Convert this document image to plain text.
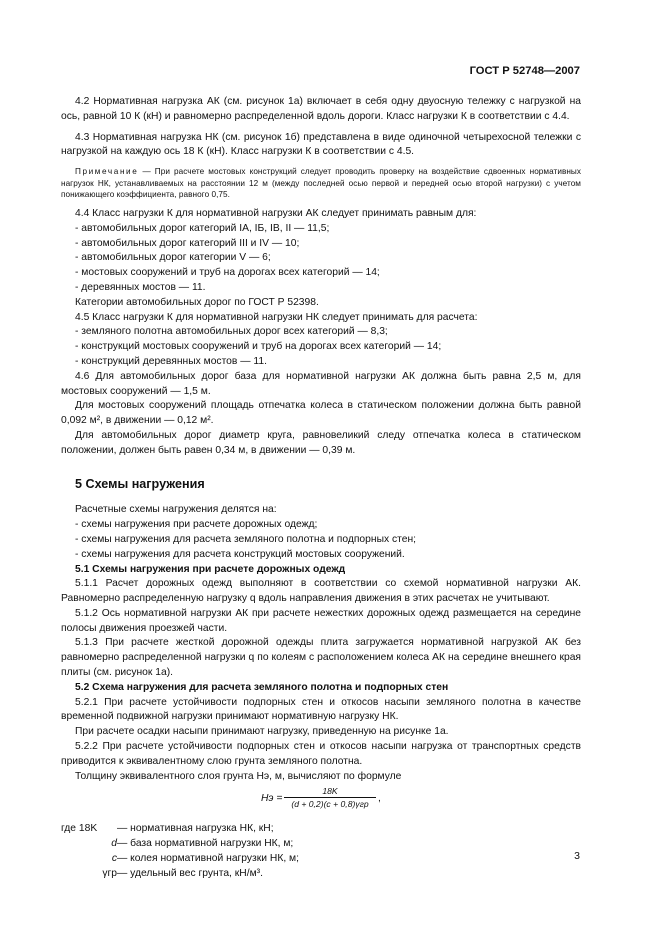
ГОСТ Р 52748—2007

4.2 Нормативная нагрузка АК (см. рисунок 1а) включает в себя одну двуосную тележку с нагрузкой на ось, равной 10 К (кН) и равномерно распределенной вдоль дороги. Класс нагрузки К в соответствии с 4.4.

4.3 Нормативная нагрузка НК (см. рисунок 1б) представлена в виде одиночной четырехосной тележки с нагрузкой на каждую ось 18 К (кН). Класс нагрузки К в соответствии с 4.5.

Примечание — При расчете мостовых конструкций следует проводить проверку на воздействие сдвоенных нормативных нагрузок НК, устанавливаемых на расстоянии 12 м (между последней осью первой и передней осью второй нагрузки) с учетом понижающего коэффициента, равного 0,75.

4.4 Класс нагрузки К для нормативной нагрузки АК следует принимать равным для:

- автомобильных дорог категорий IA, IБ, IB, II — 11,5;

- автомобильных дорог категорий III и IV — 10;

- автомобильных дорог категории V — 6;

- мостовых сооружений и труб на дорогах всех категорий — 14;

- деревянных мостов — 11.

Категории автомобильных дорог по ГОСТ Р 52398.

4.5 Класс нагрузки К для нормативной нагрузки НК следует принимать для расчета:

- земляного полотна автомобильных дорог всех категорий — 8,3;

- конструкций мостовых сооружений и труб на дорогах всех категорий — 14;

- конструкций деревянных мостов — 11.

4.6 Для автомобильных дорог база для нормативной нагрузки АК должна быть равна 2,5 м, для мостовых сооружений — 1,5 м.

Для мостовых сооружений площадь отпечатка колеса в статическом положении должна быть равной 0,092 м², в движении — 0,12 м².

Для автомобильных дорог диаметр круга, равновеликий следу отпечатка колеса в статическом положении, должен быть равен 0,34 м, в движении — 0,39 м.

5 Схемы нагружения

Расчетные схемы нагружения делятся на:

- схемы нагружения при расчете дорожных одежд;

- схемы нагружения для расчета земляного полотна и подпорных стен;

- схемы нагружения для расчета конструкций мостовых сооружений.

5.1 Схемы нагружения при расчете дорожных одежд

5.1.1 Расчет дорожных одежд выполняют в соответствии со схемой нормативной нагрузки АК. Равномерно распределенную нагрузку q вдоль направления движения в этих расчетах не учитывают.

5.1.2 Ось нормативной нагрузки АК при расчете нежестких дорожных одежд размещается на середине полосы движения проезжей части.

5.1.3 При расчете жесткой дорожной одежды плита загружается нормативной нагрузкой АК без равномерно распределенной нагрузки q по колеям с расположением колеса АК на середине внешнего края плиты (см. рисунок 1а).

5.2 Схема нагружения для расчета земляного полотна и подпорных стен

5.2.1 При расчете устойчивости подпорных стен и откосов насыпи земляного полотна в качестве временной подвижной нагрузки принимают нормативную нагрузку НК.

При расчете осадки насыпи принимают нагрузку, приведенную на рисунке 1а.

5.2.2 При расчете устойчивости подпорных стен и откосов насыпи нагрузка от транспортных средств приводится к эквивалентному слою грунта земляного полотна.

Толщину эквивалентного слоя грунта Hэ, м, вычисляют по формуле

Hэ =
18K
(d + 0,2)(c + 0,8)γгр ,
где 18K	— нормативная нагрузка НК, кН;
d — база нормативной нагрузки НК, м;
c — колея нормативной нагрузки НК, м;
γгр — удельный вес грунта, кН/м³.
3
